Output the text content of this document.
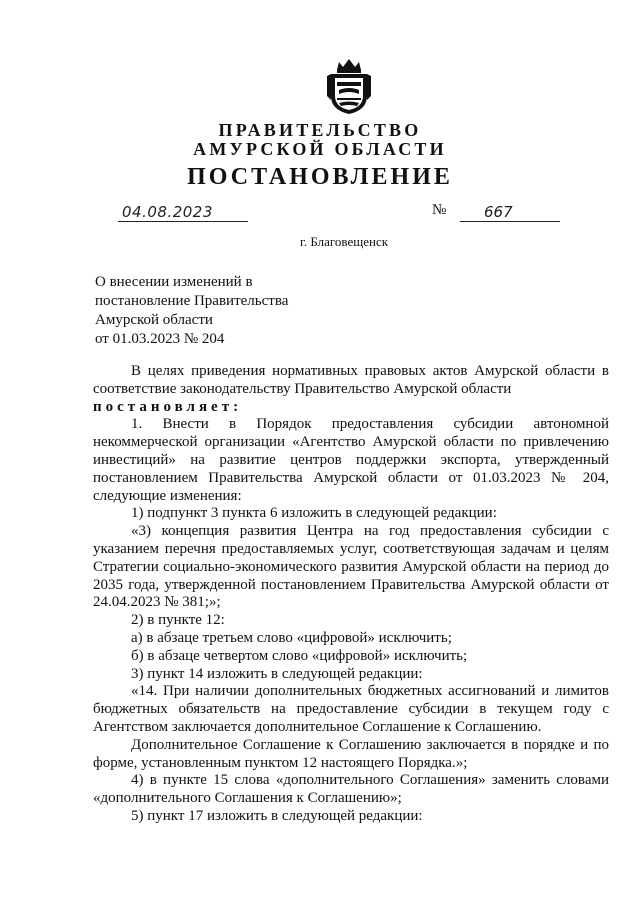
ПРАВИТЕЛЬСТВО
АМУРСКОЙ ОБЛАСТИ
ПОСТАНОВЛЕНИЕ
04.08.2023	№	667
г. Благовещенск
О внесении изменений в
постановление Правительства
Амурской области
от 01.03.2023 № 204
В целях приведения нормативных правовых актов Амурской области в соответствие законодательству Правительство Амурской области
постановляет:
1. Внести в Порядок предоставления субсидии автономной некоммерческой организации «Агентство Амурской области по привлечению инвестиций» на развитие центров поддержки экспорта, утвержденный постановлением Правительства Амурской области от 01.03.2023 № 204, следующие изменения:
1) подпункт 3 пункта 6 изложить в следующей редакции:
«3) концепция развития Центра на год предоставления субсидии с указанием перечня предоставляемых услуг, соответствующая задачам и целям Стратегии социально-экономического развития Амурской области на период до 2035 года, утвержденной постановлением Правительства Амурской области от 24.04.2023 № 381;»;
2) в пункте 12:
а) в абзаце третьем слово «цифровой» исключить;
б) в абзаце четвертом слово «цифровой» исключить;
3) пункт 14 изложить в следующей редакции:
«14. При наличии дополнительных бюджетных ассигнований и лимитов бюджетных обязательств на предоставление субсидии в текущем году с Агентством заключается дополнительное Соглашение к Соглашению.
Дополнительное Соглашение к Соглашению заключается в порядке и по форме, установленным пунктом 12 настоящего Порядка.»;
4) в пункте 15 слова «дополнительного Соглашения» заменить словами «дополнительного Соглашения к Соглашению»;
5) пункт 17 изложить в следующей редакции:
